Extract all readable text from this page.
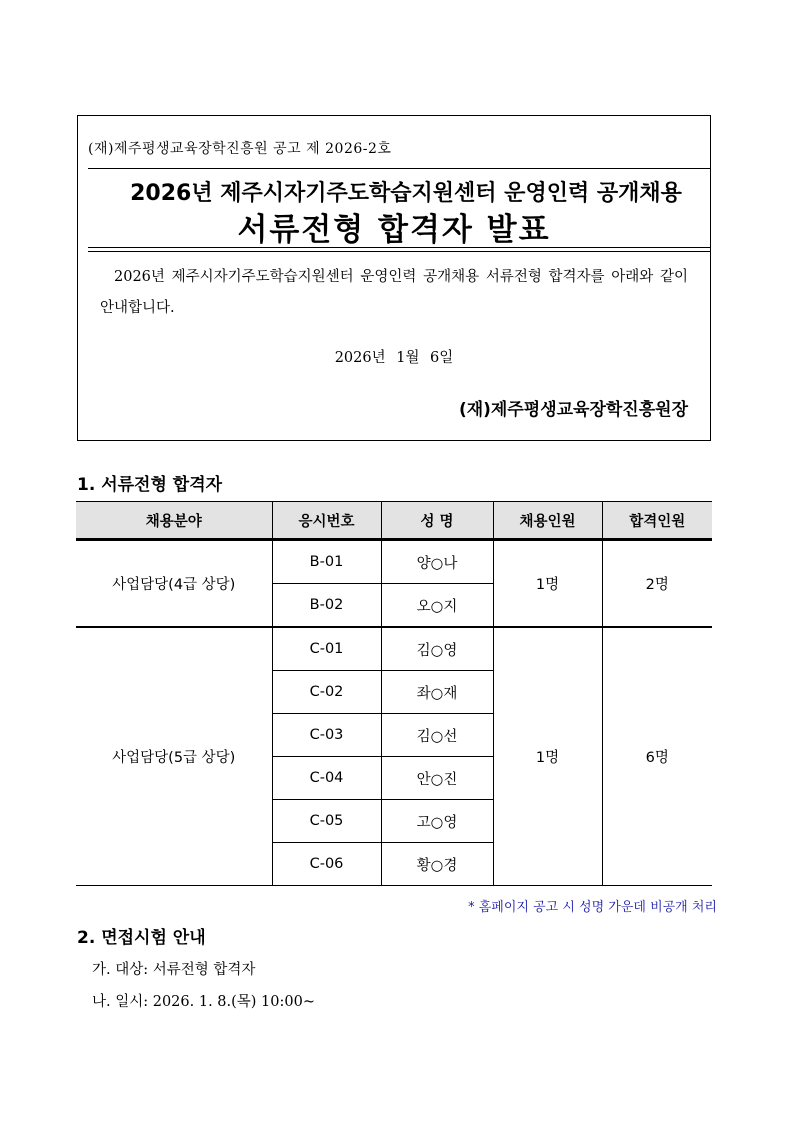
(재)제주평생교육장학진흥원 공고 제 2026-2호
2026년 제주시자기주도학습지원센터 운영인력 공개채용
서류전형 합격자 발표
2026년 제주시자기주도학습지원센터 운영인력 공개채용 서류전형 합격자를 아래와 같이 안내합니다.
2026년 1월 6일
(재)제주평생교육장학진흥원장
1. 서류전형 합격자
채용분야	응시번호	성 명	채용인원	합격인원
사업담당(4급 상당)	B-01	양○나	1명	2명
	B-02	오○지		
사업담당(5급 상당)	C-01	김○영	1명	6명
	C-02	좌○재		
	C-03	김○선		
	C-04	안○진		
	C-05	고○영		
	C-06	황○경		
* 홈페이지 공고 시 성명 가운데 비공개 처리
2. 면접시험 안내
가. 대상: 서류전형 합격자
나. 일시: 2026. 1. 8.(목) 10:00~
